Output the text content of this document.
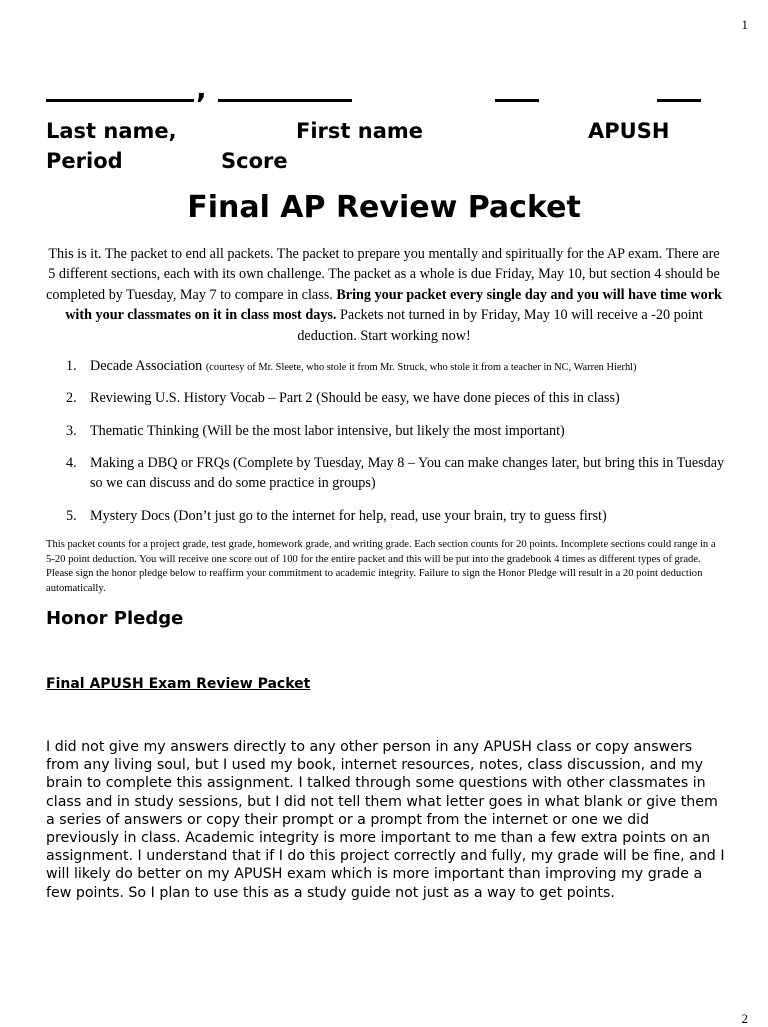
1
,
Last name,	First name	APUSH
Period	Score
Final AP Review Packet
This is it. The packet to end all packets. The packet to prepare you mentally and spiritually for the AP exam. There are 5 different sections, each with its own challenge. The packet as a whole is due Friday, May 10, but section 4 should be completed by Tuesday, May 7 to compare in class. Bring your packet every single day and you will have time work with your classmates on it in class most days. Packets not turned in by Friday, May 10 will receive a -20 point deduction. Start working now!
1. Decade Association (courtesy of Mr. Sleete, who stole it from Mr. Struck, who stole it from a teacher in NC, Warren Hierhl)
2. Reviewing U.S. History Vocab – Part 2 (Should be easy, we have done pieces of this in class)
3. Thematic Thinking (Will be the most labor intensive, but likely the most important)
4. Making a DBQ or FRQs (Complete by Tuesday, May 8 – You can make changes later, but bring this in Tuesday so we can discuss and do some practice in groups)
5. Mystery Docs (Don’t just go to the internet for help, read, use your brain, try to guess first)
This packet counts for a project grade, test grade, homework grade, and writing grade. Each section counts for 20 points. Incomplete sections could range in a 5-20 point deduction. You will receive one score out of 100 for the entire packet and this will be put into the gradebook 4 times as different types of grade. Please sign the honor pledge below to reaffirm your commitment to academic integrity. Failure to sign the Honor Pledge will result in a 20 point deduction automatically.
Honor Pledge
Final APUSH Exam Review Packet
I did not give my answers directly to any other person in any APUSH class or copy answers from any living soul, but I used my book, internet resources, notes, class discussion, and my brain to complete this assignment. I talked through some questions with other classmates in class and in study sessions, but I did not tell them what letter goes in what blank or give them a series of answers or copy their prompt or a prompt from the internet or one we did previously in class. Academic integrity is more important to me than a few extra points on an assignment. I understand that if I do this project correctly and fully, my grade will be fine, and I will likely do better on my APUSH exam which is more important than improving my grade a few points. So I plan to use this as a study guide not just as a way to get points.
2
